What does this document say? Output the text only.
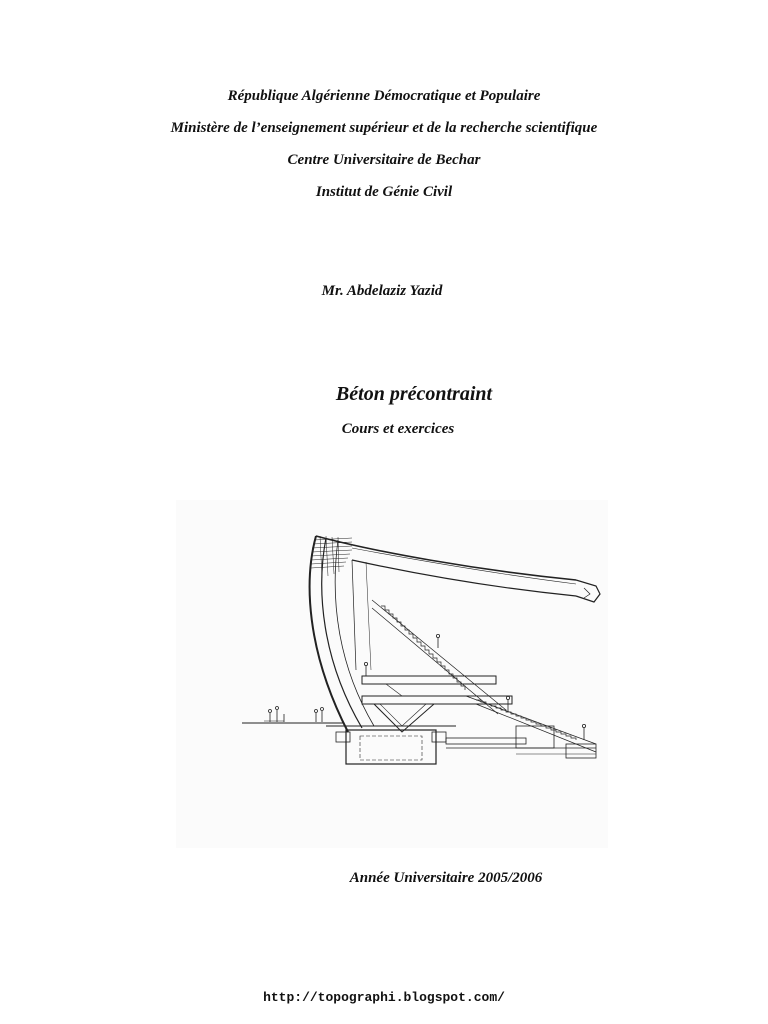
République Algérienne Démocratique et Populaire
Ministère de l’enseignement supérieur et de la recherche scientifique
Centre Universitaire de Bechar
Institut de Génie Civil
Mr. Abdelaziz Yazid
Béton précontraint
Cours et exercices
Année Universitaire 2005/2006
http://topographi.blogspot.com/
